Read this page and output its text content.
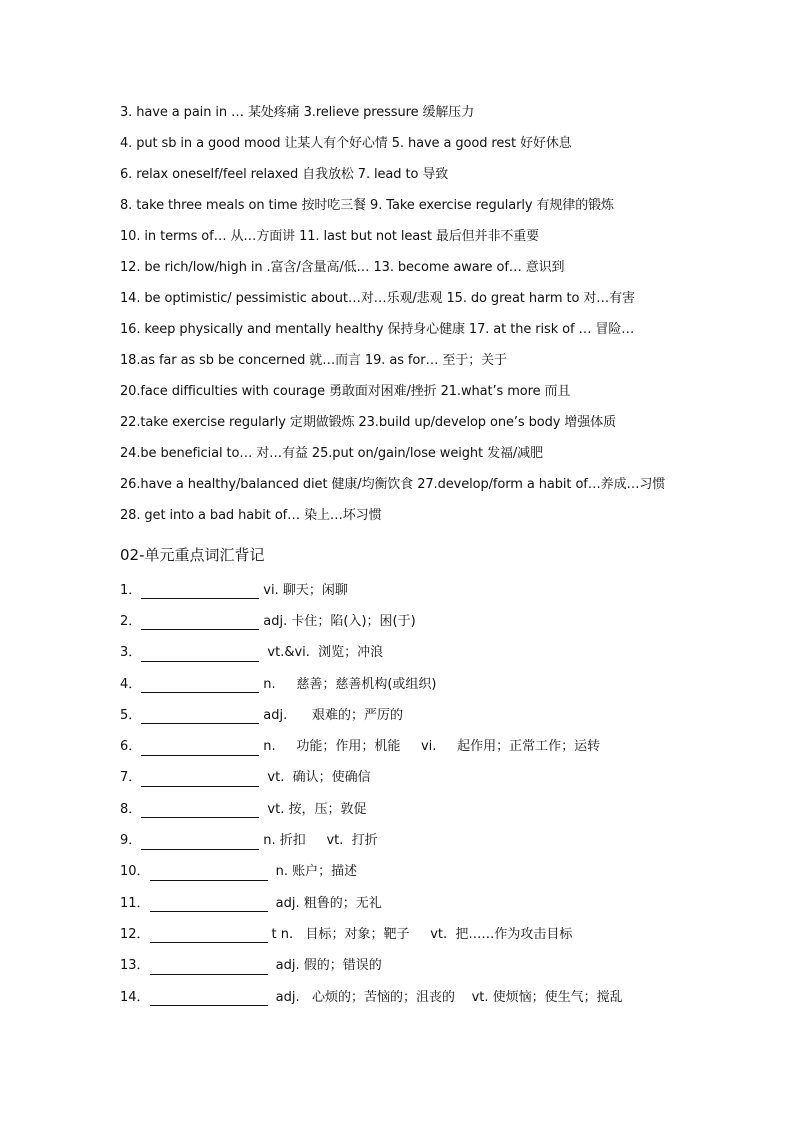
3. have a pain in … 某处疼痛 3.relieve pressure 缓解压力
4. put sb in a good mood 让某人有个好心情 5. have a good rest 好好休息
6. relax oneself/feel relaxed 自我放松 7. lead to 导致
8. take three meals on time 按时吃三餐 9. Take exercise regularly 有规律的锻炼
10. in terms of… 从…方面讲 11. last but not least 最后但并非不重要
12. be rich/low/high in .富含/含量高/低… 13. become aware of… 意识到
14. be optimistic/ pessimistic about…对…乐观/悲观 15. do great harm to 对…有害
16. keep physically and mentally healthy 保持身心健康 17. at the risk of … 冒险…
18.as far as sb be concerned 就…而言 19. as for… 至于；关于
20.face difficulties with courage 勇敢面对困难/挫折 21.what’s more 而且
22.take exercise regularly 定期做锻炼 23.build up/develop one’s body 增强体质
24.be beneficial to… 对…有益 25.put on/gain/lose weight 发福/减肥
26.have a healthy/balanced diet 健康/均衡饮食 27.develop/form a habit of…养成…习惯
28. get into a bad habit of… 染上…坏习惯
02-单元重点词汇背记
1．	vi. 聊天；闲聊
2．	adj. 卡住；陷(入)；困(于)
3．	vt.&vi.  浏览；冲浪
4．	n.     慈善；慈善机构(或组织)
5．	adj.      艰难的；严厉的
6．	n.     功能；作用；机能     vi.     起作用；正常工作；运转
7．	vt.  确认；使确信
8．	vt. 按，压；敦促
9．	n. 折扣     vt.  打折
10．	n. 账户；描述
11．	adj. 粗鲁的；无礼
12．	t n.   目标；对象；靶子     vt.  把……作为攻击目标
13．	adj. 假的；错误的
14．	adj.   心烦的；苦恼的；沮丧的    vt. 使烦恼；使生气；搅乱
